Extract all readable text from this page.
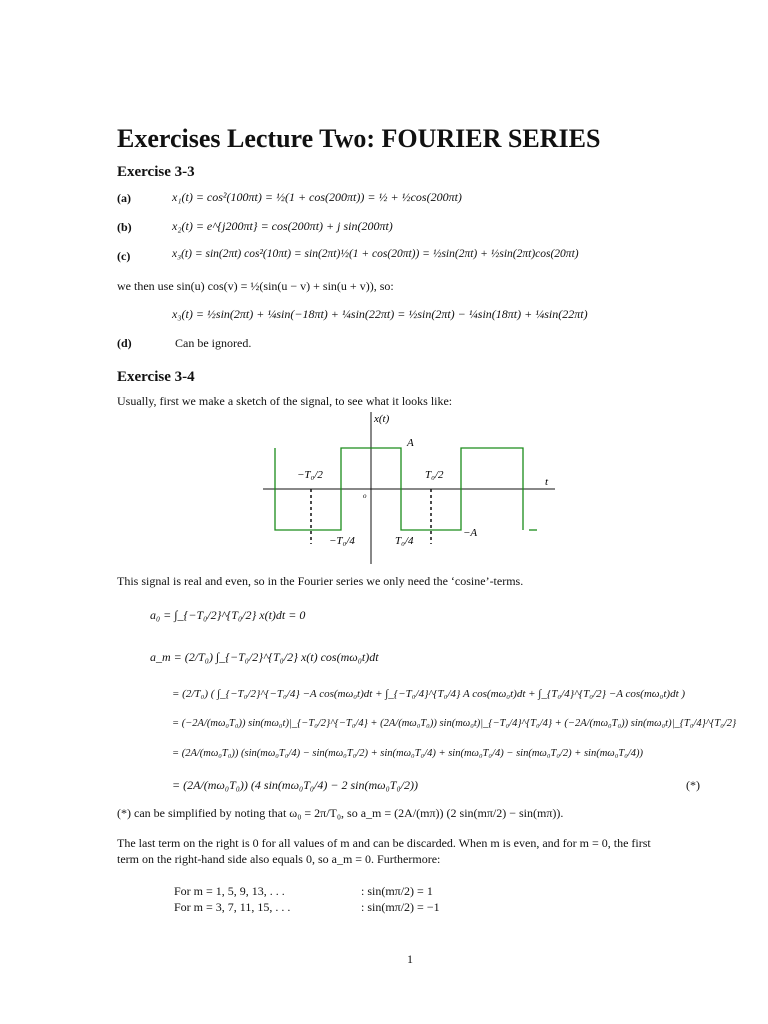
Exercises Lecture Two: FOURIER SERIES
Exercise 3-3
(a)	x₁(t) = cos²(100πt) = ½(1 + cos(200πt)) = ½ + ½cos(200πt)
(b)	x₂(t) = e^{j200πt} = cos(200πt) + j sin(200πt)
(c)	x₃(t) = sin(2πt) cos²(10πt) = sin(2πt)½(1 + cos(20πt)) = ½sin(2πt) + ½sin(2πt)cos(20πt)
we then use sin(u) cos(v) = ½(sin(u − v) + sin(u + v)), so:
x₃(t) = ½sin(2πt) + ¼sin(−18πt) + ¼sin(22πt) = ½sin(2πt) − ¼sin(18πt) + ¼sin(22πt)
(d)	Can be ignored.
Exercise 3-4
Usually, first we make a sketch of the signal, to see what it looks like:
x(t)
A
t
−T₀/2	T₀/2
o
−T₀/4	T₀/4
−A
This signal is real and even, so in the Fourier series we only need the ‘cosine’-terms.
a₀ = ∫_{−T₀/2}^{T₀/2} x(t)dt = 0
a_m = (2/T₀) ∫_{−T₀/2}^{T₀/2} x(t) cos(mω₀t)dt
= (2/T₀) ( ∫_{−T₀/2}^{−T₀/4} −A cos(mω₀t)dt + ∫_{−T₀/4}^{T₀/4} A cos(mω₀t)dt + ∫_{T₀/4}^{T₀/2} −A cos(mω₀t)dt )
= (−2A/(mω₀T₀)) sin(mω₀t)|_{−T₀/2}^{−T₀/4} + (2A/(mω₀T₀)) sin(mω₀t)|_{−T₀/4}^{T₀/4} + (−2A/(mω₀T₀)) sin(mω₀t)|_{T₀/4}^{T₀/2}
= (2A/(mω₀T₀)) (sin(mω₀T₀/4) − sin(mω₀T₀/2) + sin(mω₀T₀/4) + sin(mω₀T₀/4) − sin(mω₀T₀/2) + sin(mω₀T₀/4))
= (2A/(mω₀T₀)) (4 sin(mω₀T₀/4) − 2 sin(mω₀T₀/2))	(*)
(*) can be simplified by noting that ω₀ = 2π/T₀, so a_m = (2A/(mπ)) (2 sin(mπ/2) − sin(mπ)).
The last term on the right is 0 for all values of m and can be discarded. When m is even, and for m = 0, the first
term on the right-hand side also equals 0, so a_m = 0. Furthermore:
For m = 1, 5, 9, 13, . . .	: sin(mπ/2) = 1
For m = 3, 7, 11, 15, . . .	: sin(mπ/2) = −1
1
